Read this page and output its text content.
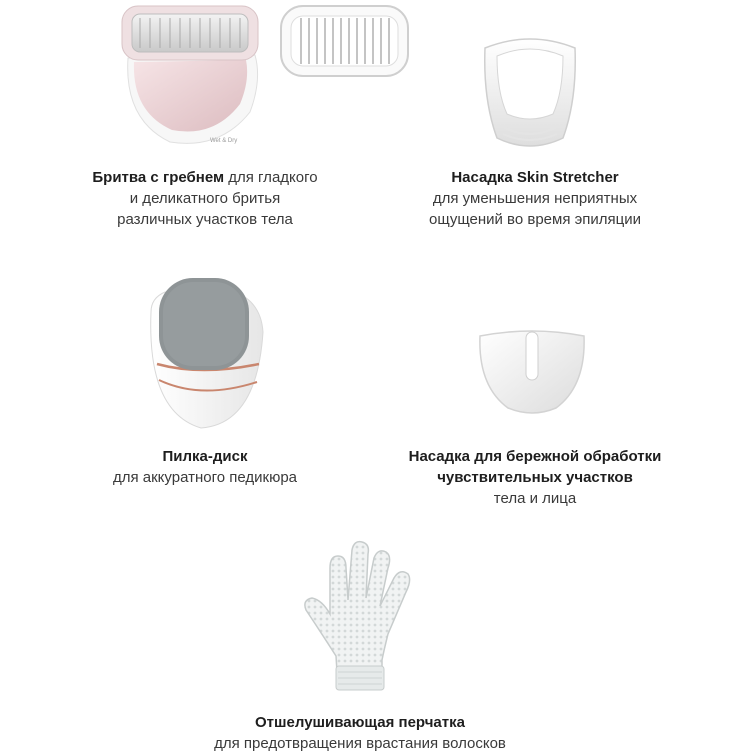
Wet & Dry
Бритва с гребнем для гладкого
и деликатного бритья
различных участков тела
Насадка Skin Stretcher
для уменьшения неприятных
ощущений во время эпиляции
Пилка-диск
для аккуратного педикюра
Насадка для бережной обработки
чувствительных участков
тела и лица
Отшелушивающая перчатка
для предотвращения врастания волосков
